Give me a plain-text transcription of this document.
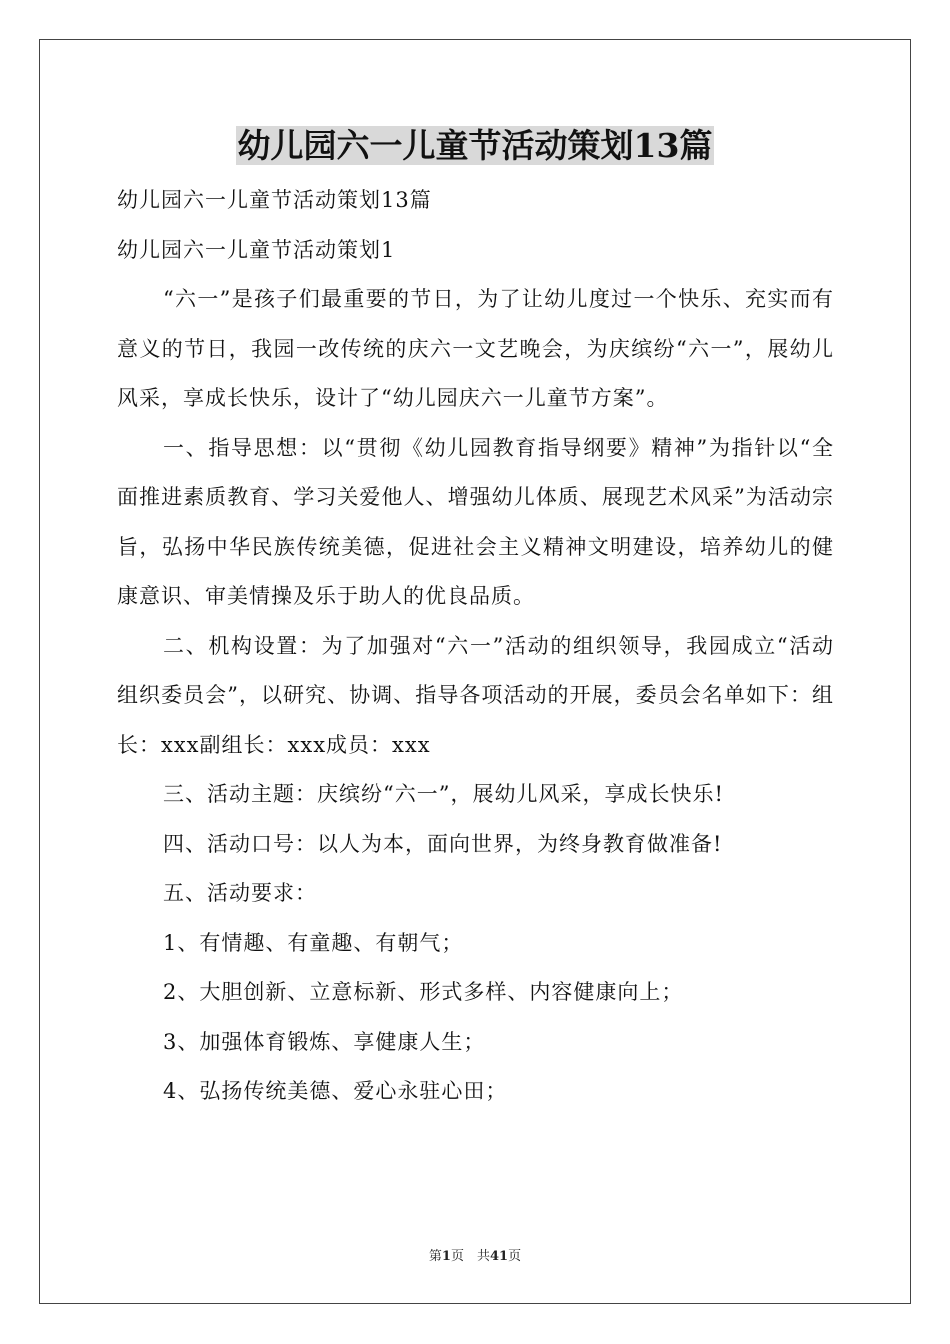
幼儿园六一儿童节活动策划13篇

幼儿园六一儿童节活动策划13篇

幼儿园六一儿童节活动策划1

“六一”是孩子们最重要的节日，为了让幼儿度过一个快乐、充实而有意义的节日，我园一改传统的庆六一文艺晚会，为庆缤纷“六一”，展幼儿风采，享成长快乐，设计了“幼儿园庆六一儿童节方案”。

一、指导思想：以“贯彻《幼儿园教育指导纲要》精神”为指针以“全面推进素质教育、学习关爱他人、增强幼儿体质、展现艺术风采”为活动宗旨，弘扬中华民族传统美德，促进社会主义精神文明建设，培养幼儿的健康意识、审美情操及乐于助人的优良品质。

二、机构设置：为了加强对“六一”活动的组织领导，我园成立“活动组织委员会”，以研究、协调、指导各项活动的开展，委员会名单如下：组长：xxx副组长：xxx成员：xxx

三、活动主题：庆缤纷“六一”，展幼儿风采，享成长快乐!

四、活动口号：以人为本，面向世界，为终身教育做准备!

五、活动要求：

1、有情趣、有童趣、有朝气；

2、大胆创新、立意标新、形式多样、内容健康向上；

3、加强体育锻炼、享健康人生；

4、弘扬传统美德、爱心永驻心田；

第1页　共41页
